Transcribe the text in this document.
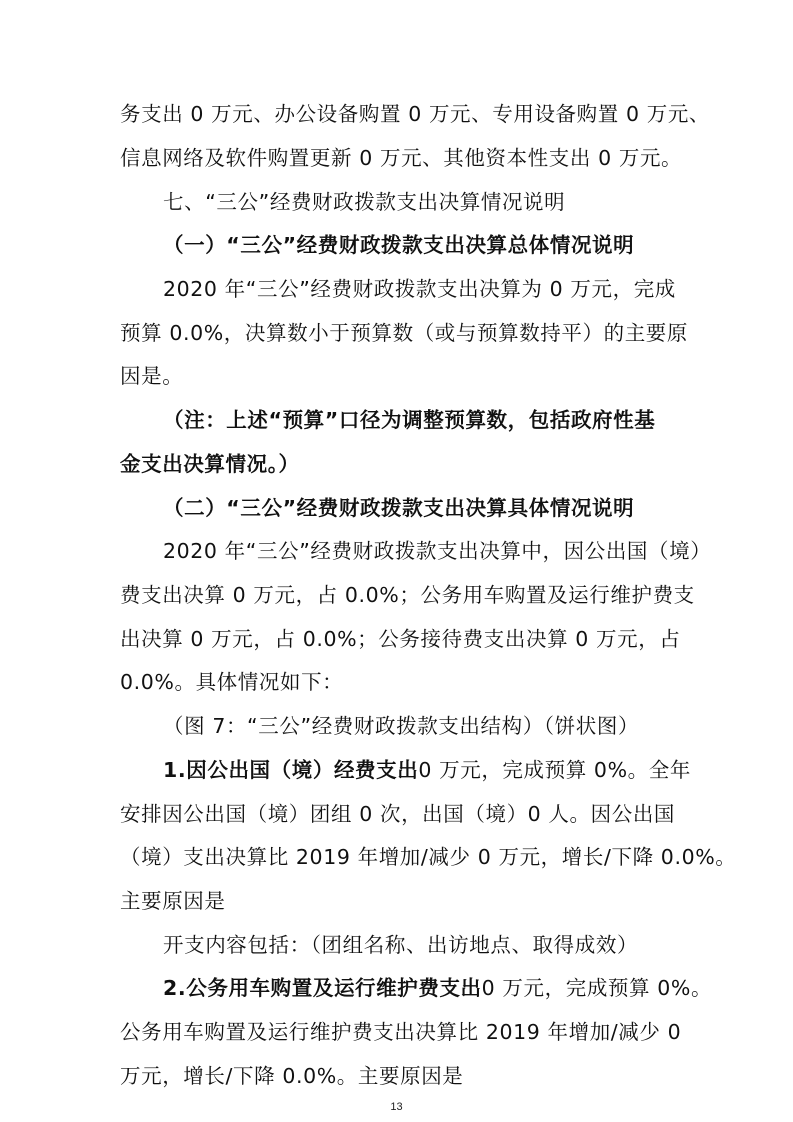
务支出 0 万元、办公设备购置 0 万元、专用设备购置 0 万元、
信息网络及软件购置更新 0 万元、其他资本性支出 0 万元。
七、“三公”经费财政拨款支出决算情况说明
（一）“三公”经费财政拨款支出决算总体情况说明
2020 年“三公”经费财政拨款支出决算为 0 万元，完成
预算 0.0%，决算数小于预算数（或与预算数持平）的主要原
因是。
（注：上述“预算”口径为调整预算数，包括政府性基
金支出决算情况。）
（二）“三公”经费财政拨款支出决算具体情况说明
2020 年“三公”经费财政拨款支出决算中，因公出国（境）
费支出决算 0 万元，占 0.0%；公务用车购置及运行维护费支
出决算 0 万元，占 0.0%；公务接待费支出决算 0 万元，占
0.0%。具体情况如下：
（图 7：“三公”经费财政拨款支出结构）（饼状图）
1.因公出国（境）经费支出0 万元，完成预算 0%。全年
安排因公出国（境）团组 0 次，出国（境）0 人。因公出国
（境）支出决算比 2019 年增加/减少 0 万元，增长/下降 0.0%。
主要原因是
开支内容包括：（团组名称、出访地点、取得成效）
2.公务用车购置及运行维护费支出0 万元，完成预算 0%。
公务用车购置及运行维护费支出决算比 2019 年增加/减少 0
万元，增长/下降 0.0%。主要原因是
13
